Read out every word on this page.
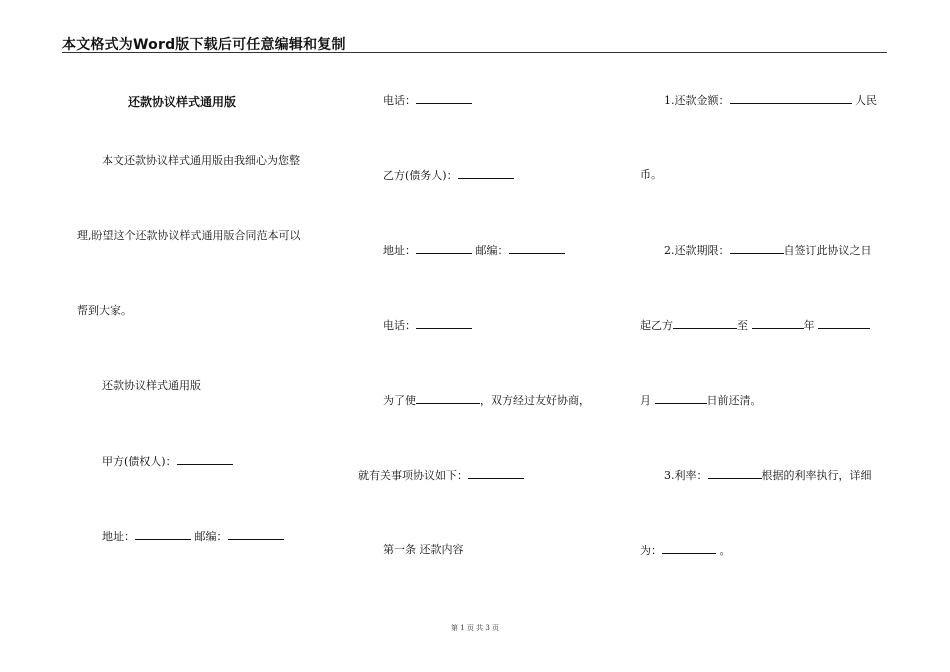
本文格式为Word版下载后可任意编辑和复制
还款协议样式通用版
本文还款协议样式通用版由我细心为您整
理,盼望这个还款协议样式通用版合同范本可以
帮到大家。
还款协议样式通用版
甲方(债权人)：
地址：	邮编：
电话：
乙方(债务人)：
地址：	邮编：
电话：
为了使	，双方经过友好协商，
就有关事项协议如下：
第一条 还款内容
1.还款金额：	人民
币。
2.还款期限：	自签订此协议之日
起乙方	至	年
月	日前还清。
3.利率：	根据的利率执行，详细
为：	。
第 1 页 共 3 页
